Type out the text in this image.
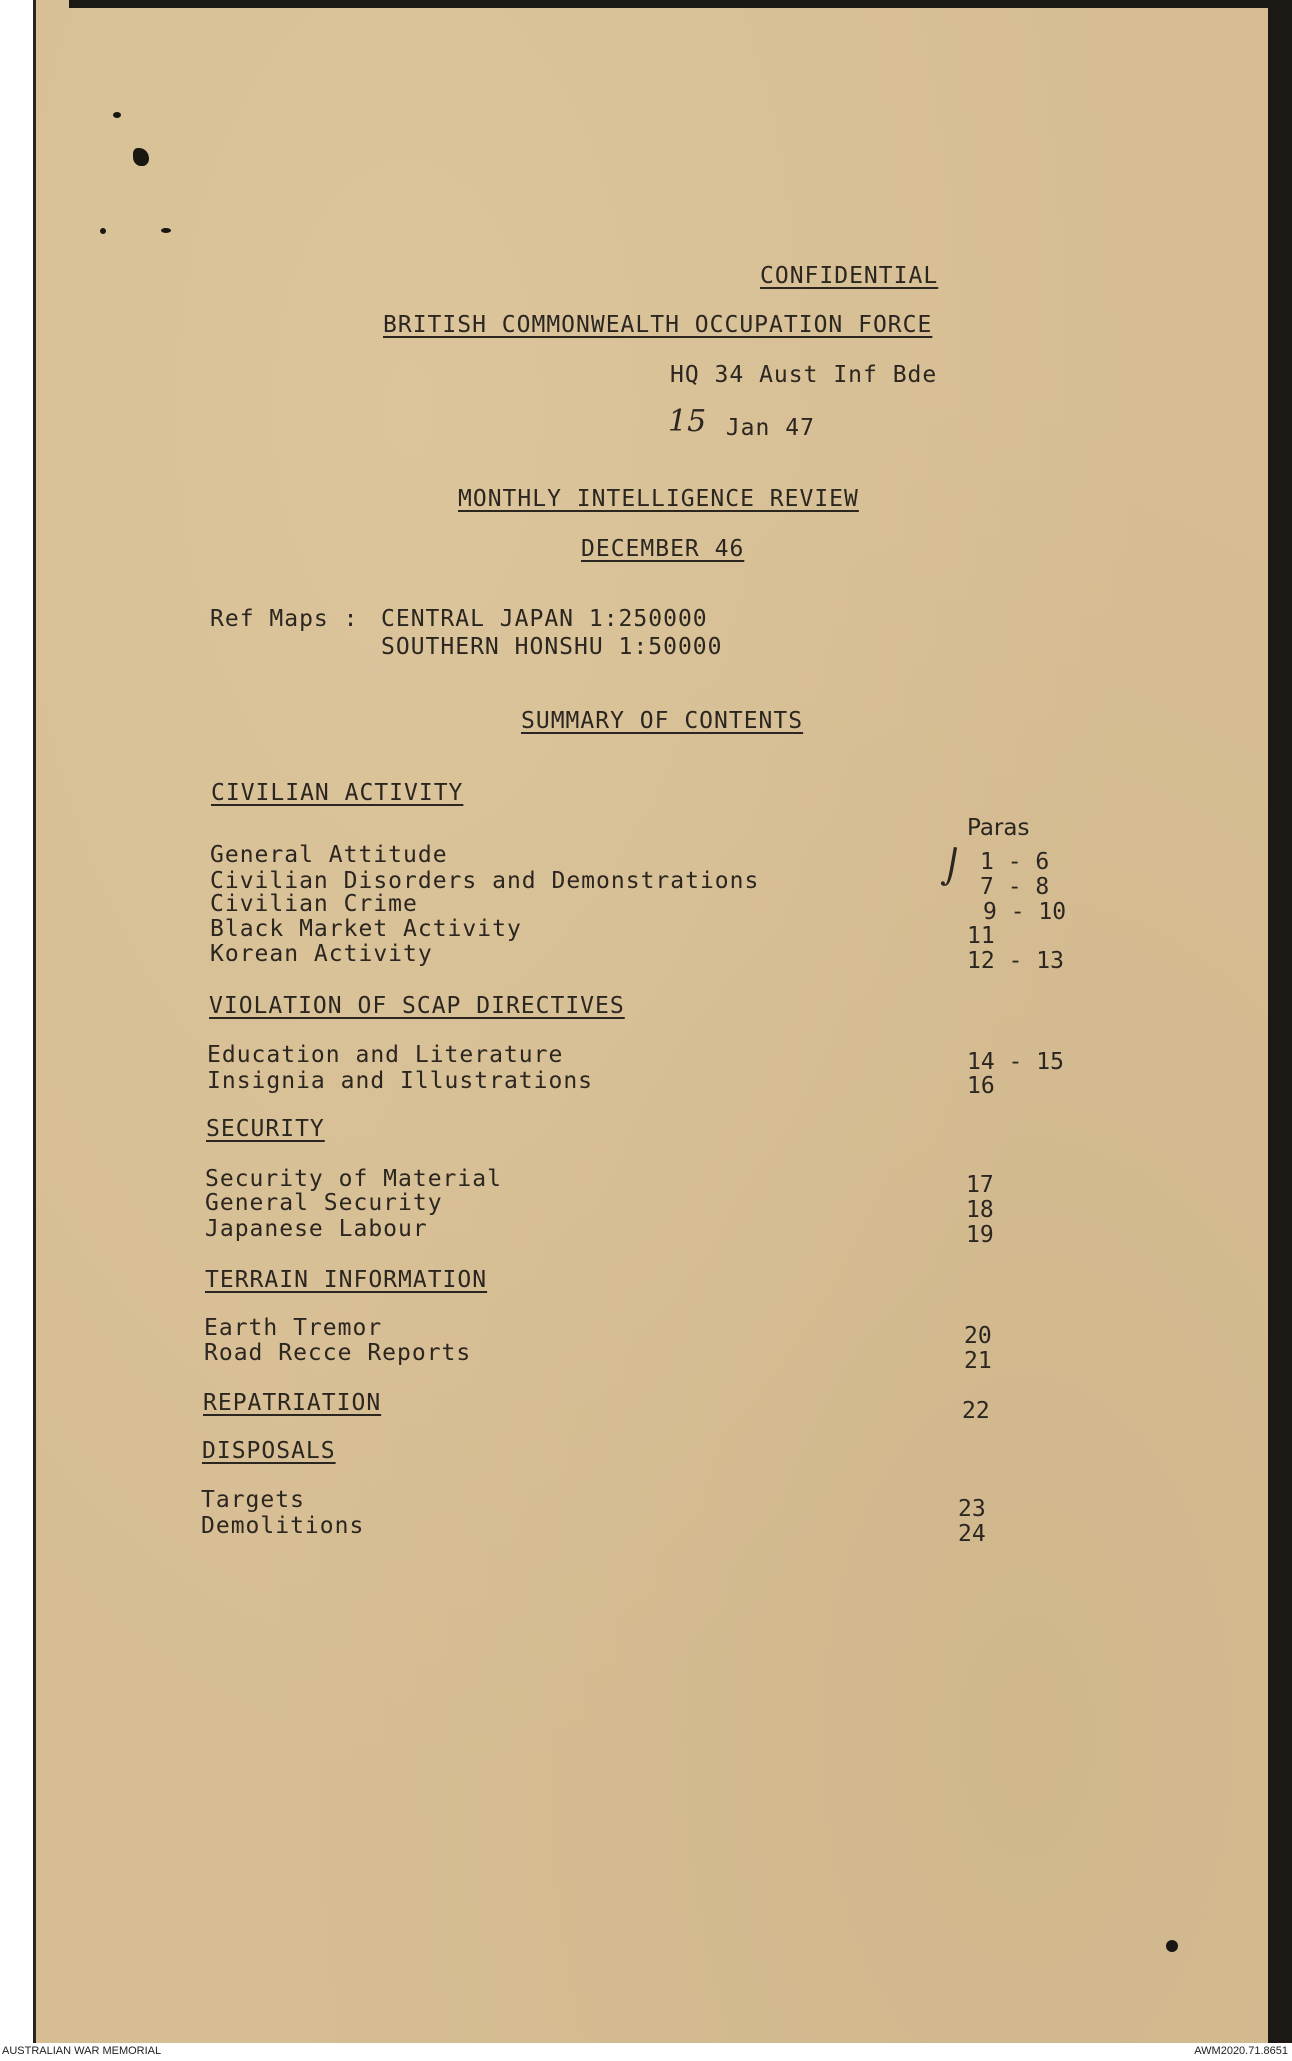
CONFIDENTIAL
BRITISH COMMONWEALTH OCCUPATION FORCE
HQ 34 Aust Inf Bde
15 Jan 47
MONTHLY INTELLIGENCE REVIEW
DECEMBER 46
Ref Maps : CENTRAL JAPAN 1:250000
SOUTHERN HONSHU 1:50000
SUMMARY OF CONTENTS
Paras
CIVILIAN ACTIVITY
General Attitude	1 - 6
Civilian Disorders and Demonstrations	7 - 8
Civilian Crime	9 - 10
Black Market Activity	11
Korean Activity	12 - 13
VIOLATION OF SCAP DIRECTIVES
Education and Literature	14 - 15
Insignia and Illustrations	16
SECURITY
Security of Material	17
General Security	18
Japanese Labour	19
TERRAIN INFORMATION
Earth Tremor	20
Road Recce Reports	21
REPATRIATION	22
DISPOSALS
Targets	23
Demolitions	24
⌡
AUSTRALIAN WAR MEMORIAL	AWM2020.71.8651
